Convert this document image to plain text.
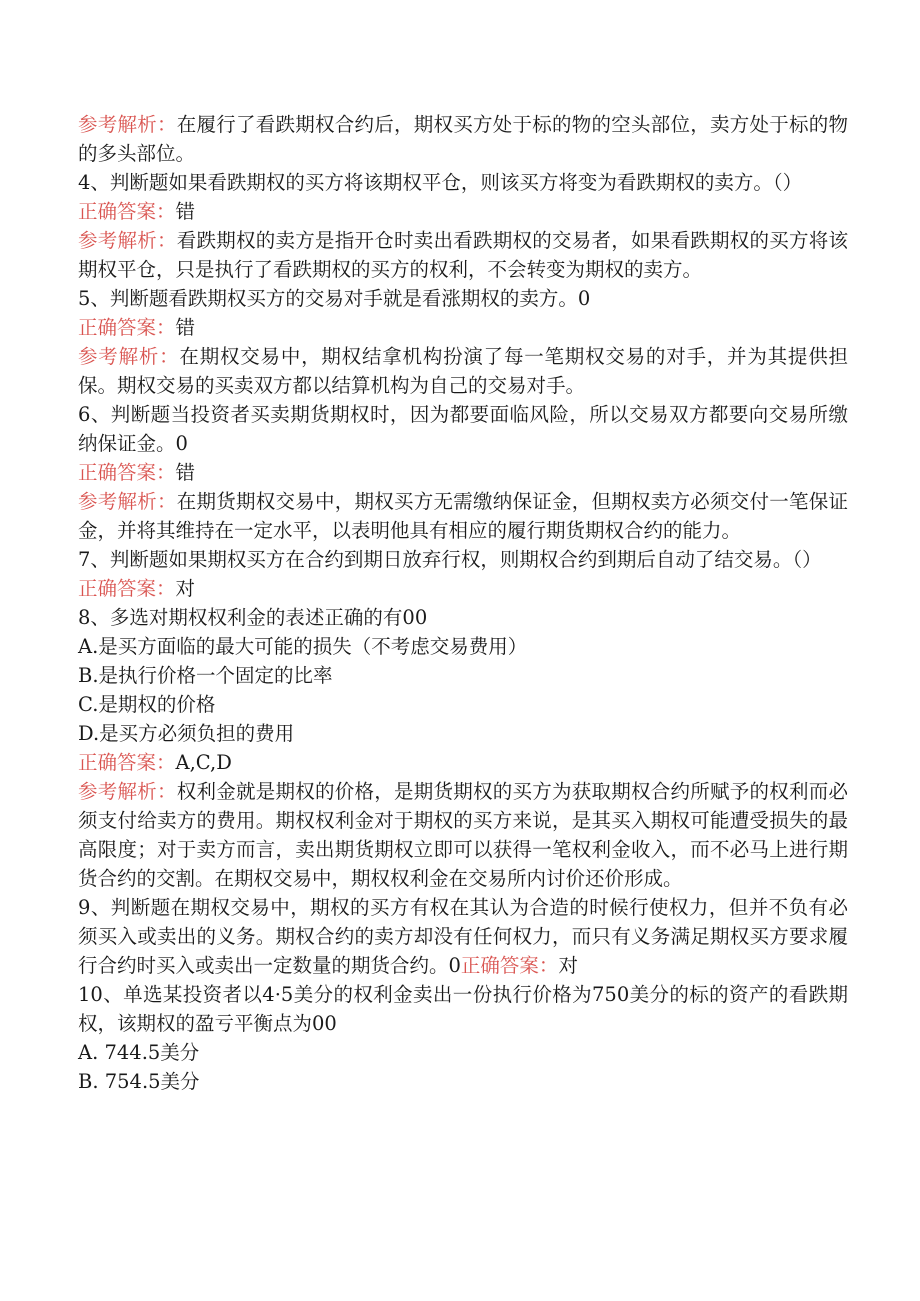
参考解析：在履行了看跌期权合约后，期权买方处于标的物的空头部位，卖方处于标的物的多头部位。

4、判断题如果看跌期权的买方将该期权平仓，则该买方将变为看跌期权的卖方。（）

正确答案：错

参考解析：看跌期权的卖方是指开仓时卖出看跌期权的交易者，如果看跌期权的买方将该期权平仓，只是执行了看跌期权的买方的权利，不会转变为期权的卖方。

5、判断题看跌期权买方的交易对手就是看涨期权的卖方。0

正确答案：错

参考解析：在期权交易中，期权结拿机构扮演了每一笔期权交易的对手，并为其提供担保。期权交易的买卖双方都以结算机构为自己的交易对手。

6、判断题当投资者买卖期货期权时，因为都要面临风险，所以交易双方都要向交易所缴纳保证金。0

正确答案：错

参考解析：在期货期权交易中，期权买方无需缴纳保证金，但期权卖方必须交付一笔保证金，并将其维持在一定水平，以表明他具有相应的履行期货期权合约的能力。

7、判断题如果期权买方在合约到期日放弃行权，则期权合约到期后自动了结交易。（）

正确答案：对

8、多选对期权权利金的表述正确的有00

A.是买方面临的最大可能的损失（不考虑交易费用）

B.是执行价格一个固定的比率

C.是期权的价格

D.是买方必须负担的费用

正确答案：A,C,D

参考解析：权利金就是期权的价格，是期货期权的买方为获取期权合约所赋予的权利而必须支付给卖方的费用。期权权利金对于期权的买方来说，是其买入期权可能遭受损失的最高限度；对于卖方而言，卖出期货期权立即可以获得一笔权利金收入，而不必马上进行期货合约的交割。在期权交易中，期权权利金在交易所内讨价还价形成。

9、判断题在期权交易中，期权的买方有权在其认为合造的时候行使权力，但并不负有必须买入或卖出的义务。期权合约的卖方却没有任何权力，而只有义务满足期权买方要求履行合约时买入或卖出一定数量的期货合约。0正确答案：对

10、单选某投资者以4·5美分的权利金卖出一份执行价格为750美分的标的资产的看跌期权，该期权的盈亏平衡点为00

A. 744.5美分

B. 754.5美分
